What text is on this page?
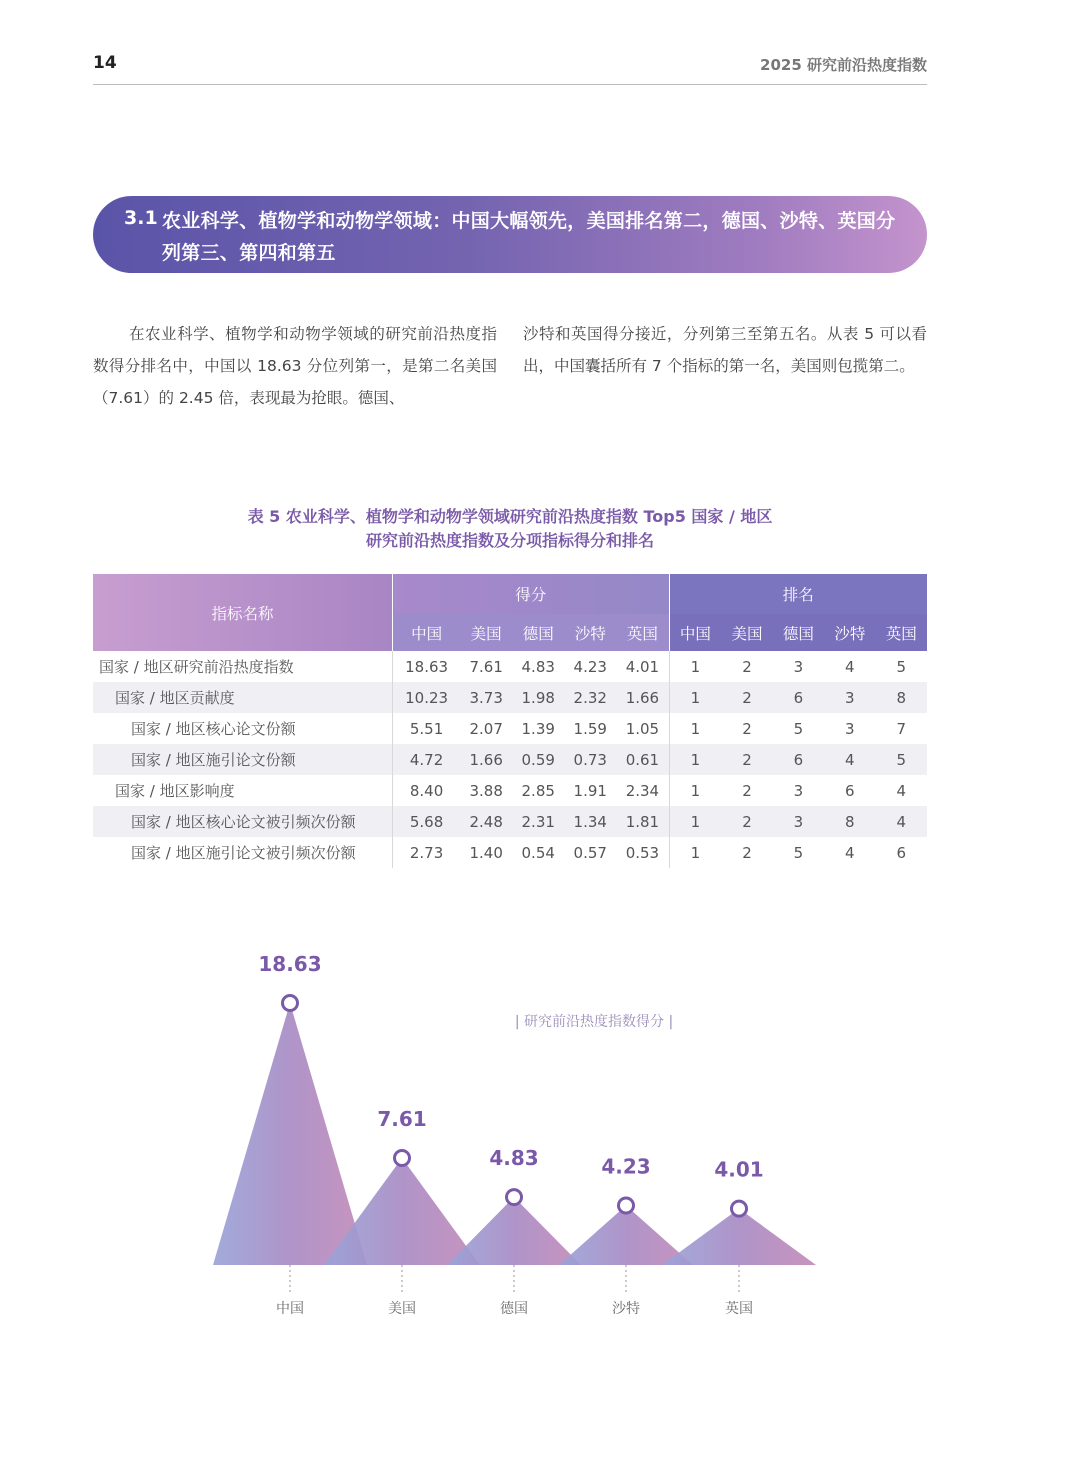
14	2025 研究前沿热度指数
3.1 农业科学、植物学和动物学领域：中国大幅领先，美国排名第二，德国、沙特、英国分列第三、第四和第五
在农业科学、植物学和动物学领域的研究前沿热度指数得分排名中，中国以 18.63 分位列第一，是第二名美国（7.61）的 2.45 倍，表现最为抢眼。德国、
沙特和英国得分接近，分列第三至第五名。从表 5 可以看出，中国囊括所有 7 个指标的第一名，美国则包揽第二。
表 5 农业科学、植物学和动物学领域研究前沿热度指数 Top5 国家 / 地区
研究前沿热度指数及分项指标得分和排名
指标名称	得分					排名				
	中国	美国	德国	沙特	英国	中国	美国	德国	沙特	英国
国家 / 地区研究前沿热度指数	18.63	7.61	4.83	4.23	4.01	1	2	3	4	5
国家 / 地区贡献度	10.23	3.73	1.98	2.32	1.66	1	2	6	3	8
国家 / 地区核心论文份额	5.51	2.07	1.39	1.59	1.05	1	2	5	3	7
国家 / 地区施引论文份额	4.72	1.66	0.59	0.73	0.61	1	2	6	4	5
国家 / 地区影响度	8.40	3.88	2.85	1.91	2.34	1	2	3	6	4
国家 / 地区核心论文被引频次份额	5.68	2.48	2.31	1.34	1.81	1	2	3	8	4
国家 / 地区施引论文被引频次份额	2.73	1.40	0.54	0.57	0.53	1	2	5	4	6
| 研究前沿热度指数得分 |
18.63
中国
7.61
美国
4.83
德国
4.23
沙特
4.01
英国
